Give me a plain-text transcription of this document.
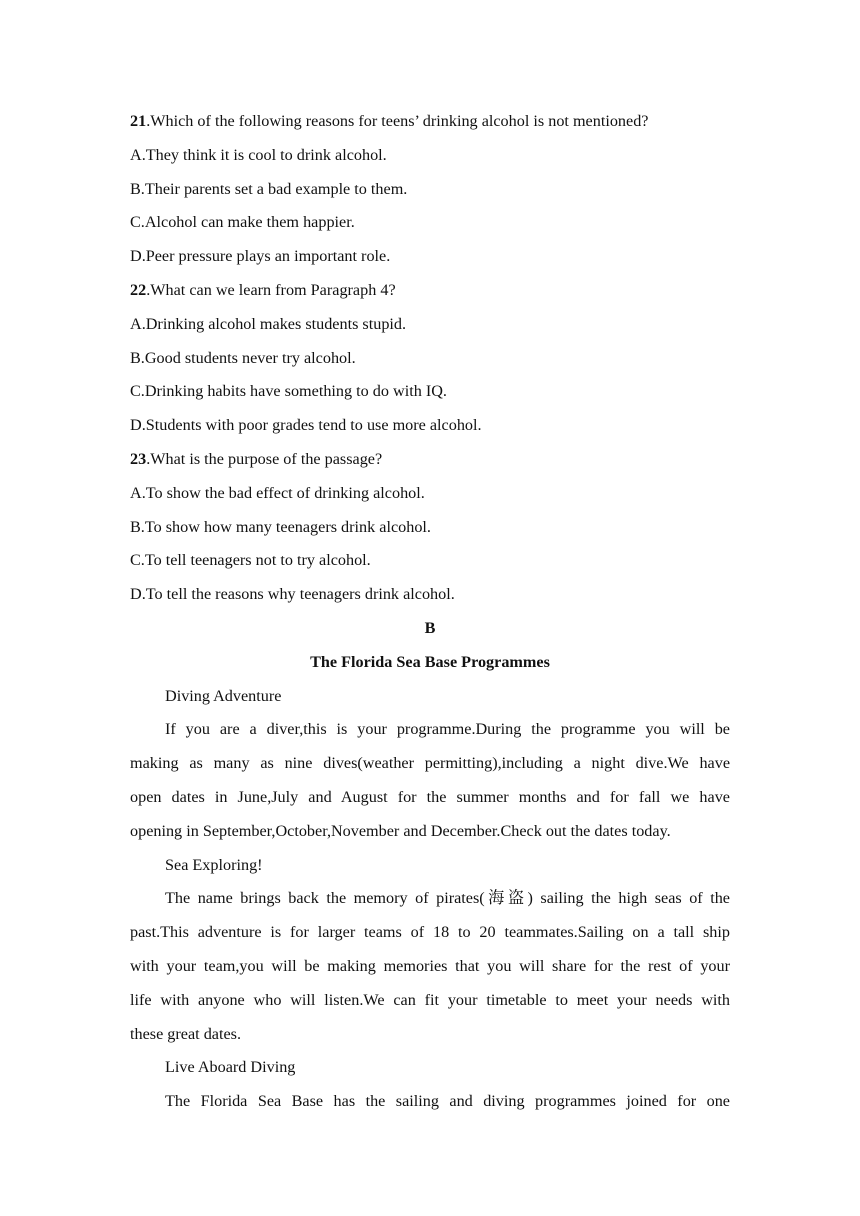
21.Which of the following reasons for teens’ drinking alcohol is not mentioned?

A.They think it is cool to drink alcohol.

B.Their parents set a bad example to them.

C.Alcohol can make them happier.

D.Peer pressure plays an important role.

22.What can we learn from Paragraph 4?

A.Drinking alcohol makes students stupid.

B.Good students never try alcohol.

C.Drinking habits have something to do with IQ.

D.Students with poor grades tend to use more alcohol.

23.What is the purpose of the passage?

A.To show the bad effect of drinking alcohol.

B.To show how many teenagers drink alcohol.

C.To tell teenagers not to try alcohol.

D.To tell the reasons why teenagers drink alcohol.

B

The Florida Sea Base Programmes

Diving Adventure

If you are a diver,this is your programme.During the programme you will be

making as many as nine dives(weather permitting),including a night dive.We have

open dates in June,July and August for the summer months and for fall we have

opening in September,October,November and December.Check out the dates today.

Sea Exploring!

The name brings back the memory of pirates(海盗) sailing the high seas of the

past.This adventure is for larger teams of 18 to 20 teammates.Sailing on a tall ship

with your team,you will be making memories that you will share for the rest of your

life with anyone who will listen.We can fit your timetable to meet your needs with

these great dates.

Live Aboard Diving

The Florida Sea Base has the sailing and diving programmes joined for one
